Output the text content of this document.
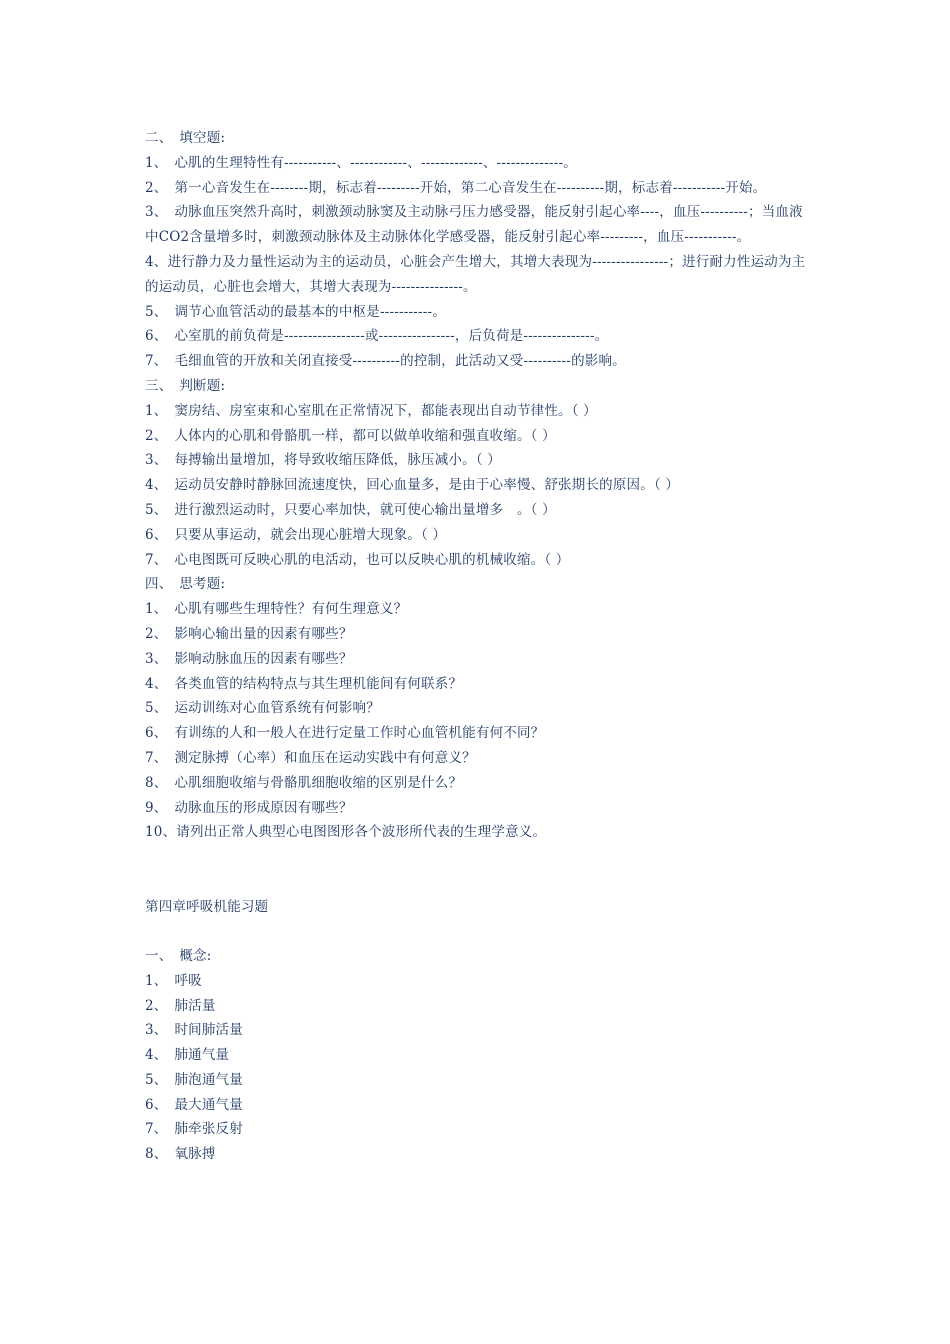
二、　填空题:

1、　心肌的生理特性有-----------、------------、-------------、--------------。

2、　第一心音发生在--------期，标志着---------开始，第二心音发生在----------期，标志着-----------开始。

3、　动脉血压突然升高时，刺激颈动脉窦及主动脉弓压力感受器，能反射引起心率----，血压----------；当血液中CO2含量增多时，刺激颈动脉体及主动脉体化学感受器，能反射引起心率---------，血压-----------。

4、进行静力及力量性运动为主的运动员，心脏会产生增大，其增大表现为----------------；进行耐力性运动为主的运动员，心脏也会增大，其增大表现为---------------。

5、　调节心血管活动的最基本的中枢是-----------。

6、　心室肌的前负荷是-----------------或----------------，后负荷是---------------。

7、　毛细血管的开放和关闭直接受----------的控制，此活动又受----------的影响。

三、　判断题:

1、　窦房结、房室束和心室肌在正常情况下，都能表现出自动节律性。（ ）

2、　人体内的心肌和骨骼肌一样，都可以做单收缩和强直收缩。（ ）

3、　每搏输出量增加，将导致收缩压降低，脉压减小。（ ）

4、　运动员安静时静脉回流速度快，回心血量多，是由于心率慢、舒张期长的原因。（ ）

5、　进行激烈运动时，只要心率加快，就可使心输出量增多　。（ ）

6、　只要从事运动，就会出现心脏增大现象。（ ）

7、　心电图既可反映心肌的电活动，也可以反映心肌的机械收缩。（ ）

四、　思考题:

1、　心肌有哪些生理特性？有何生理意义？

2、　影响心输出量的因素有哪些？

3、　影响动脉血压的因素有哪些？

4、　各类血管的结构特点与其生理机能间有何联系？

5、　运动训练对心血管系统有何影响？

6、　有训练的人和一般人在进行定量工作时心血管机能有何不同？

7、　测定脉搏（心率）和血压在运动实践中有何意义？

8、　心肌细胞收缩与骨骼肌细胞收缩的区别是什么？

9、　动脉血压的形成原因有哪些？

10、请列出正常人典型心电图图形各个波形所代表的生理学意义。

第四章呼吸机能习题

一、　概念:

1、　呼吸

2、　肺活量

3、　时间肺活量

4、　肺通气量

5、　肺泡通气量

6、　最大通气量

7、　肺牵张反射

8、　氧脉搏
